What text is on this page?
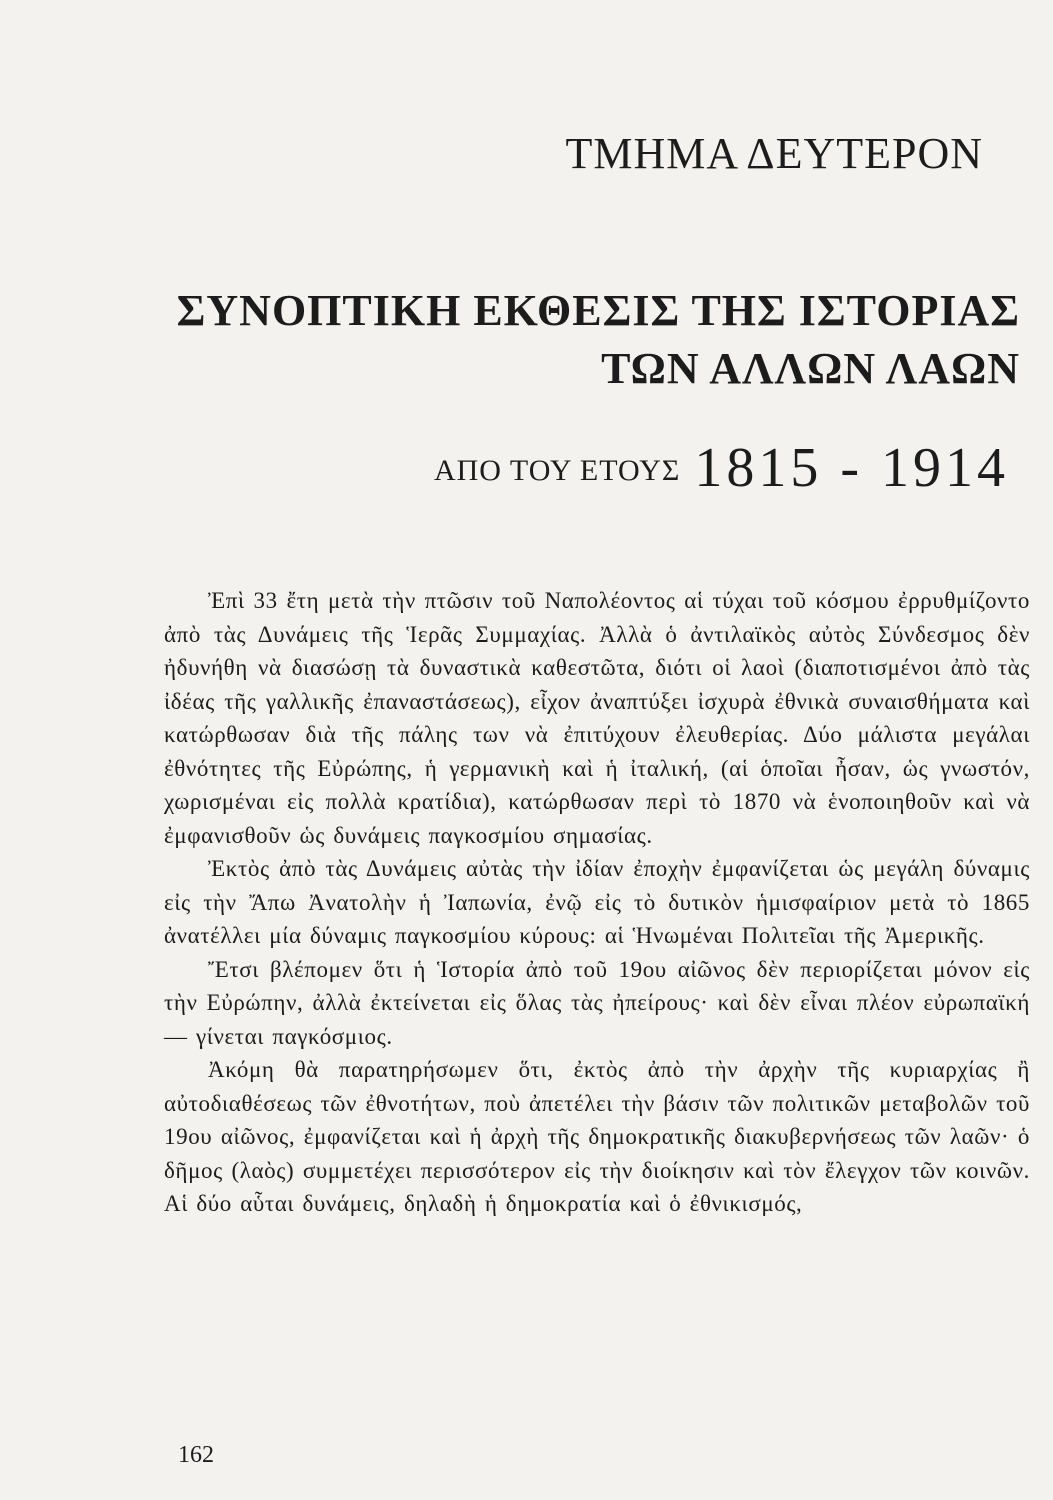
ΤΜΗΜΑ ΔΕΥΤΕΡΟΝ
ΣΥΝΟΠΤΙΚΗ ΕΚΘΕΣΙΣ ΤΗΣ ΙΣΤΟΡΙΑΣ
ΤΩΝ ΑΛΛΩΝ ΛΑΩΝ
ΑΠΟ ΤΟΥ ΕΤΟΥΣ 1815 - 1914

Ἐπὶ 33 ἔτη μετὰ τὴν πτῶσιν τοῦ Ναπολέοντος αἱ τύχαι τοῦ κόσμου ἐρρυθμίζοντο ἀπὸ τὰς Δυνάμεις τῆς Ἱερᾶς Συμμαχίας. Ἀλλὰ ὁ ἀντιλαϊκὸς αὐτὸς Σύνδεσμος δὲν ἠδυνήθη νὰ διασώσῃ τὰ δυναστικὰ καθεστῶτα, διότι οἱ λαοὶ (διαποτισμένοι ἀπὸ τὰς ἰδέας τῆς γαλλικῆς ἐπαναστάσεως), εἶχον ἀναπτύξει ἰσχυρὰ ἐθνικὰ συναισθήματα καὶ κατώρθωσαν διὰ τῆς πάλης των νὰ ἐπιτύχουν ἐλευθερίας. Δύο μάλιστα μεγάλαι ἐθνότητες τῆς Εὐρώπης, ἡ γερμανικὴ καὶ ἡ ἰταλική, (αἱ ὁποῖαι ἦσαν, ὡς γνωστόν, χωρισμέναι εἰς πολλὰ κρατίδια), κατώρθωσαν περὶ τὸ 1870 νὰ ἑνοποιηθοῦν καὶ νὰ ἐμφανισθοῦν ὡς δυνάμεις παγκοσμίου σημασίας.

Ἐκτὸς ἀπὸ τὰς Δυνάμεις αὐτὰς τὴν ἰδίαν ἐποχὴν ἐμφανίζεται ὡς μεγάλη δύναμις εἰς τὴν Ἄπω Ἀνατολὴν ἡ Ἰαπωνία, ἐνῷ εἰς τὸ δυτικὸν ἡμισφαίριον μετὰ τὸ 1865 ἀνατέλλει μία δύναμις παγκοσμίου κύρους: αἱ Ἡνωμέναι Πολιτεῖαι τῆς Ἀμερικῆς.

Ἔτσι βλέπομεν ὅτι ἡ Ἱστορία ἀπὸ τοῦ 19ου αἰῶνος δὲν περιορίζεται μόνον εἰς τὴν Εὐρώπην, ἀλλὰ ἐκτείνεται εἰς ὅλας τὰς ἠπείρους· καὶ δὲν εἶναι πλέον εὐρωπαϊκή — γίνεται παγκόσμιος.

Ἀκόμη θὰ παρατηρήσωμεν ὅτι, ἐκτὸς ἀπὸ τὴν ἀρχὴν τῆς κυριαρχίας ἢ αὐτοδιαθέσεως τῶν ἐθνοτήτων, ποὺ ἀπετέλει τὴν βάσιν τῶν πολιτικῶν μεταβολῶν τοῦ 19ου αἰῶνος, ἐμφανίζεται καὶ ἡ ἀρχὴ τῆς δημοκρατικῆς διακυβερνήσεως τῶν λαῶν· ὁ δῆμος (λαὸς) συμμετέχει περισσότερον εἰς τὴν διοίκησιν καὶ τὸν ἔλεγχον τῶν κοινῶν. Αἱ δύο αὗται δυνάμεις, δηλαδὴ ἡ δημοκρατία καὶ ὁ ἐθνικισμός,

162
